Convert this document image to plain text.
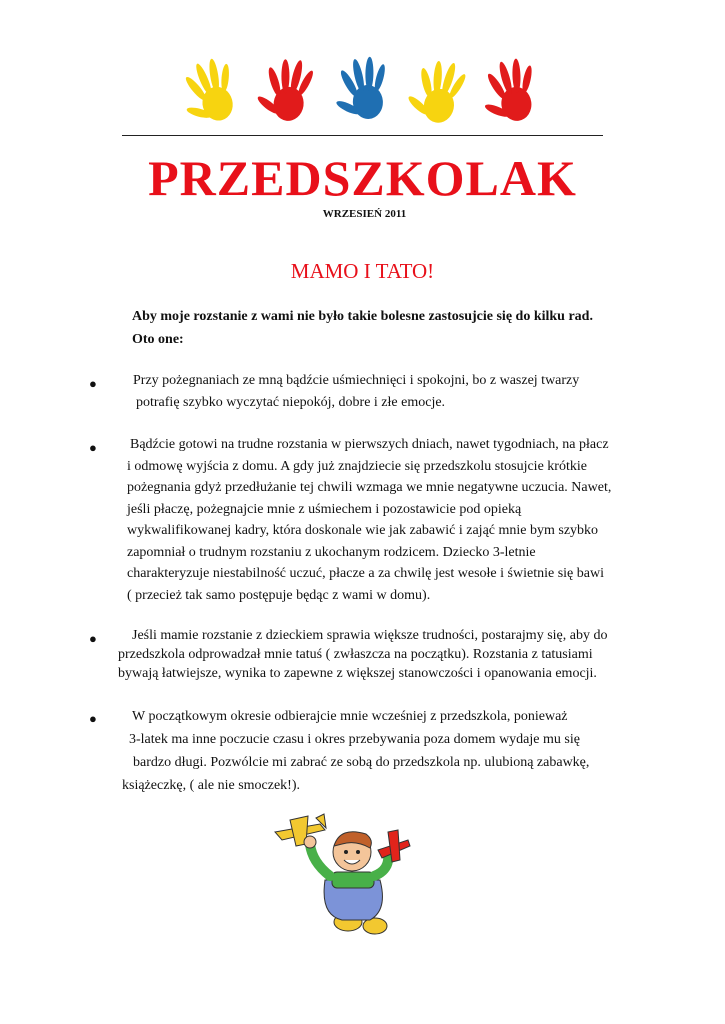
PRZEDSZKOLAK
WRZESIEŃ 2011
MAMO I TATO!
Aby moje rozstanie z wami nie było takie bolesne zastosujcie się do kilku rad.
Oto one:
●	Przy pożegnaniach ze mną bądźcie uśmiechnięci i spokojni, bo z waszej twarzy
potrafię szybko wyczytać niepokój, dobre i złe emocje.
● Bądźcie gotowi na trudne rozstania w pierwszych dniach, nawet tygodniach, na płacz
i odmowę wyjścia z domu. A gdy już znajdziecie się przedszkolu stosujcie krótkie
pożegnania gdyż przedłużanie tej chwili wzmaga we mnie negatywne uczucia. Nawet,
jeśli płaczę, pożegnajcie mnie z uśmiechem i pozostawicie pod opieką
wykwalifikowanej kadry, która doskonale wie jak zabawić i zająć mnie bym szybko
zapomniał o trudnym rozstaniu z ukochanym rodzicem. Dziecko 3-letnie
charakteryzuje niestabilność uczuć, płacze a za chwilę jest wesołe i świetnie się bawi
( przecież tak samo postępuje będąc z wami w domu).
●	Jeśli mamie rozstanie z dzieckiem sprawia większe trudności, postarajmy się, aby do
przedszkola odprowadzał mnie tatuś ( zwłaszcza na początku). Rozstania z tatusiami
bywają łatwiejsze, wynika to zapewne z większej stanowczości i opanowania emocji.
●	W początkowym okresie odbierajcie mnie wcześniej z przedszkola, ponieważ
3-latek ma inne poczucie czasu i okres przebywania poza domem wydaje mu się
bardzo długi. Pozwólcie mi zabrać ze sobą do przedszkola np. ulubioną zabawkę,
książeczkę, ( ale nie smoczek!).
